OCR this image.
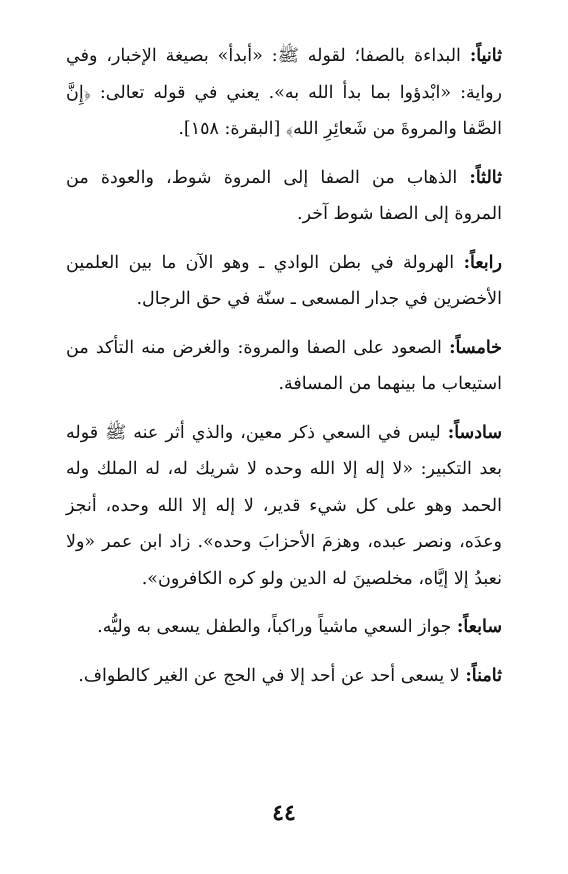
ثانياً: البداءة بالصفا؛ لقوله ﷺ: «أبدأ» بصيغة الإخبار، وفي رواية: «ابْدؤوا بما بدأ الله به». يعني في قوله تعالى: ﴿إِنَّ الصَّفا والمروةَ من شَعائِرِ الله﴾ [البقرة: ١٥٨].

ثالثاً: الذهاب من الصفا إلى المروة شوط، والعودة من المروة إلى الصفا شوط آخر.

رابعاً: الهرولة في بطن الوادي ـ وهو الآن ما بين العلمين الأخضرين في جدار المسعى ـ سنّة في حق الرجال.

خامساً: الصعود على الصفا والمروة: والغرض منه التأكد من استيعاب ما بينهما من المسافة.

سادساً: ليس في السعي ذكر معين، والذي أثر عنه ﷺ قوله بعد التكبير: «لا إله إلا الله وحده لا شريك له، له الملك وله الحمد وهو على كل شيء قدير، لا إله إلا الله وحده، أنجز وعدَه، ونصر عبده، وهزمَ الأحزابَ وحده». زاد ابن عمر «ولا نعبدُ إلا إيَّاه، مخلصينَ له الدين ولو كره الكافرون».

سابعاً: جواز السعي ماشياً وراكباً، والطفل يسعى به وليُّه.

ثامناً: لا يسعى أحد عن أحد إلا في الحج عن الغير كالطواف.

٤٤
